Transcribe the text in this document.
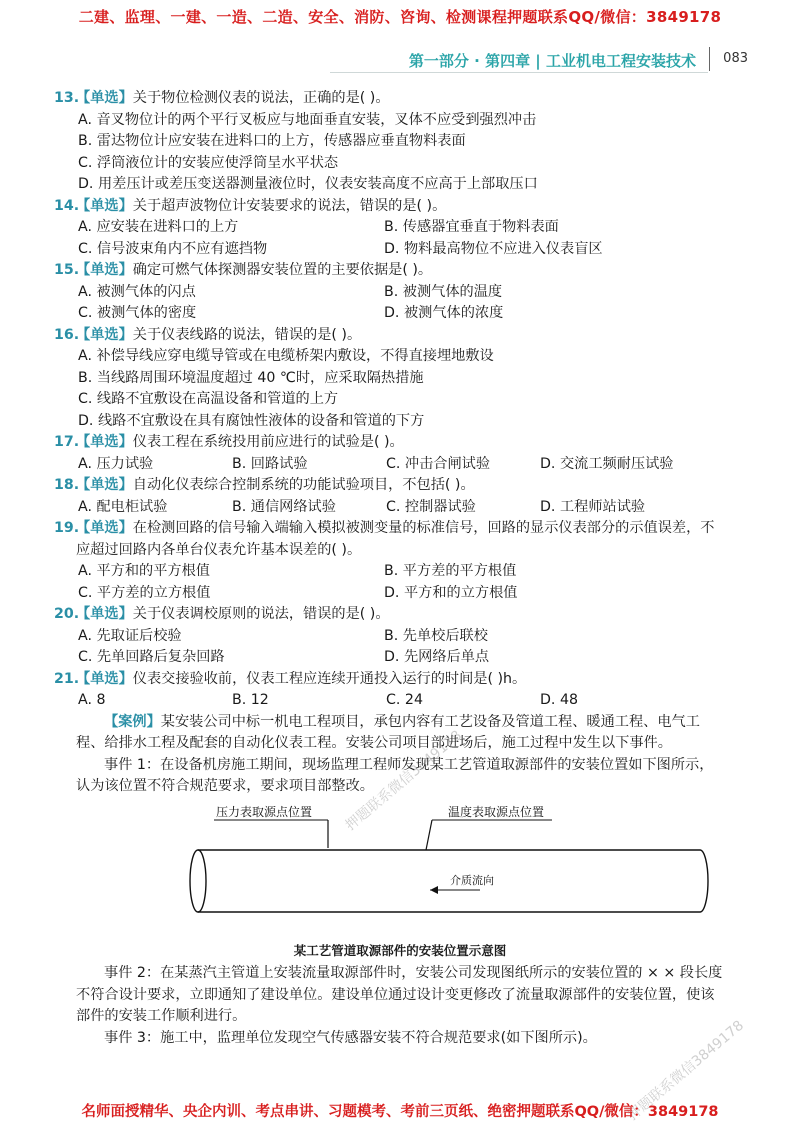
二建、监理、一建、一造、二造、安全、消防、咨询、检测课程押题联系QQ/微信：3849178
第一部分 · 第四章 | 工业机电工程安装技术 083
13.【单选】关于物位检测仪表的说法，正确的是( )。
A. 音叉物位计的两个平行叉板应与地面垂直安装，叉体不应受到强烈冲击
B. 雷达物位计应安装在进料口的上方，传感器应垂直物料表面
C. 浮筒液位计的安装应使浮筒呈水平状态
D. 用差压计或差压变送器测量液位时，仪表安装高度不应高于上部取压口
14.【单选】关于超声波物位计安装要求的说法，错误的是( )。
A. 应安装在进料口的上方	B. 传感器宜垂直于物料表面
C. 信号波束角内不应有遮挡物	D. 物料最高物位不应进入仪表盲区
15.【单选】确定可燃气体探测器安装位置的主要依据是( )。
A. 被测气体的闪点	B. 被测气体的温度
C. 被测气体的密度	D. 被测气体的浓度
16.【单选】关于仪表线路的说法，错误的是( )。
A. 补偿导线应穿电缆导管或在电缆桥架内敷设，不得直接埋地敷设
B. 当线路周围环境温度超过 40 ℃时，应采取隔热措施
C. 线路不宜敷设在高温设备和管道的上方
D. 线路不宜敷设在具有腐蚀性液体的设备和管道的下方
17.【单选】仪表工程在系统投用前应进行的试验是( )。
A. 压力试验	B. 回路试验	C. 冲击合闸试验	D. 交流工频耐压试验
18.【单选】自动化仪表综合控制系统的功能试验项目，不包括( )。
A. 配电柜试验	B. 通信网络试验	C. 控制器试验	D. 工程师站试验
19.【单选】在检测回路的信号输入端输入模拟被测变量的标准信号，回路的显示仪表部分的示值误差，不应超过回路内各单台仪表允许基本误差的( )。
A. 平方和的平方根值	B. 平方差的平方根值
C. 平方差的立方根值	D. 平方和的立方根值
20.【单选】关于仪表调校原则的说法，错误的是( )。
A. 先取证后校验	B. 先单校后联校
C. 先单回路后复杂回路	D. 先网络后单点
21.【单选】仪表交接验收前，仪表工程应连续开通投入运行的时间是( )h。
A. 8	B. 12	C. 24	D. 48

【案例】某安装公司中标一机电工程项目，承包内容有工艺设备及管道工程、暖通工程、电气工程、给排水工程及配套的自动化仪表工程。安装公司项目部进场后，施工过程中发生以下事件。

事件 1：在设备机房施工期间，现场监理工程师发现某工艺管道取源部件的安装位置如下图所示，认为该位置不符合规范要求，要求项目部整改。

压力表取源点位置	温度表取源点位置
介质流向

某工艺管道取源部件的安装位置示意图

事件 2：在某蒸汽主管道上安装流量取源部件时，安装公司发现图纸所示的安装位置的 × × 段长度不符合设计要求，立即通知了建设单位。建设单位通过设计变更修改了流量取源部件的安装位置，使该部件的安装工作顺利进行。

事件 3：施工中，监理单位发现空气传感器安装不符合规范要求(如下图所示)。

押题联系微信3849178
押题联系微信3849178
名师面授精华、央企内训、考点串讲、习题模考、考前三页纸、绝密押题联系QQ/微信：3849178
